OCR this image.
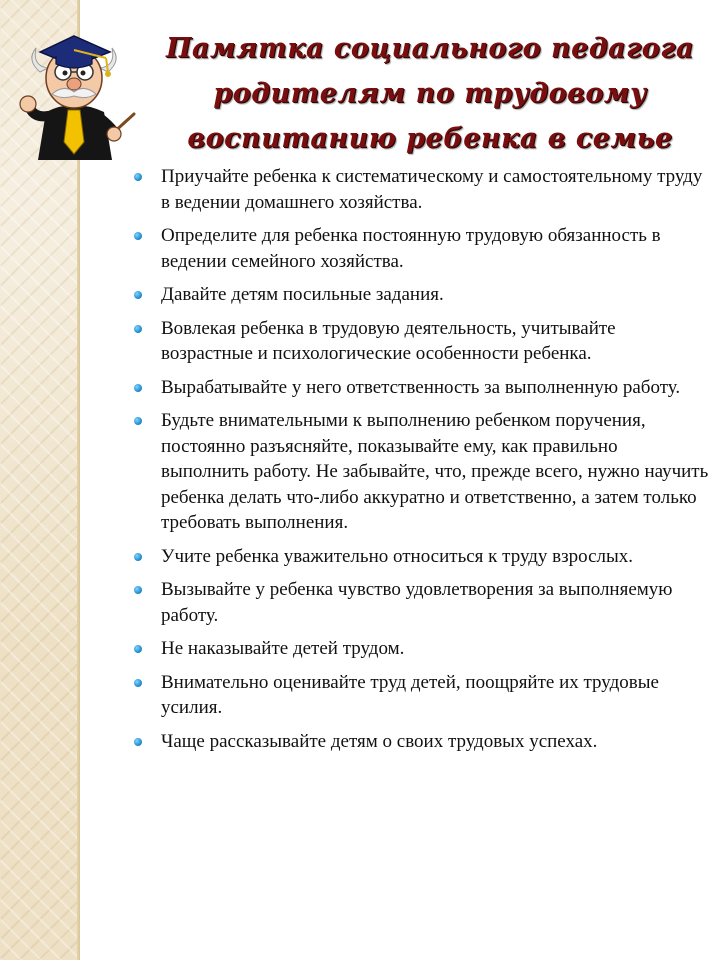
Памятка социального педагога
родителям по трудовому
воспитанию ребенка в семье
Приучайте ребенка к систематическому и самостоятельному труду в ведении домашнего хозяйства.
Определите для ребенка постоянную трудовую обязанность в ведении семейного хозяйства.
Давайте детям посильные задания.
Вовлекая ребенка в трудовую деятельность, учитывайте возрастные и психологические особенности ребенка.
Вырабатывайте у него ответственность за выполненную работу.
Будьте внимательными к выполнению ребенком поручения, постоянно разъясняйте, показывайте ему, как правильно выполнить работу. Не забывайте, что, прежде всего, нужно научить ребенка делать что-либо аккуратно и ответственно, а затем только требовать выполнения.
Учите ребенка уважительно относиться к труду взрослых.
Вызывайте у ребенка чувство удовлетворения за выполняемую работу.
Не наказывайте детей трудом.
Внимательно оценивайте труд детей, поощряйте их трудовые усилия.
Чаще рассказывайте детям о своих трудовых успехах.
